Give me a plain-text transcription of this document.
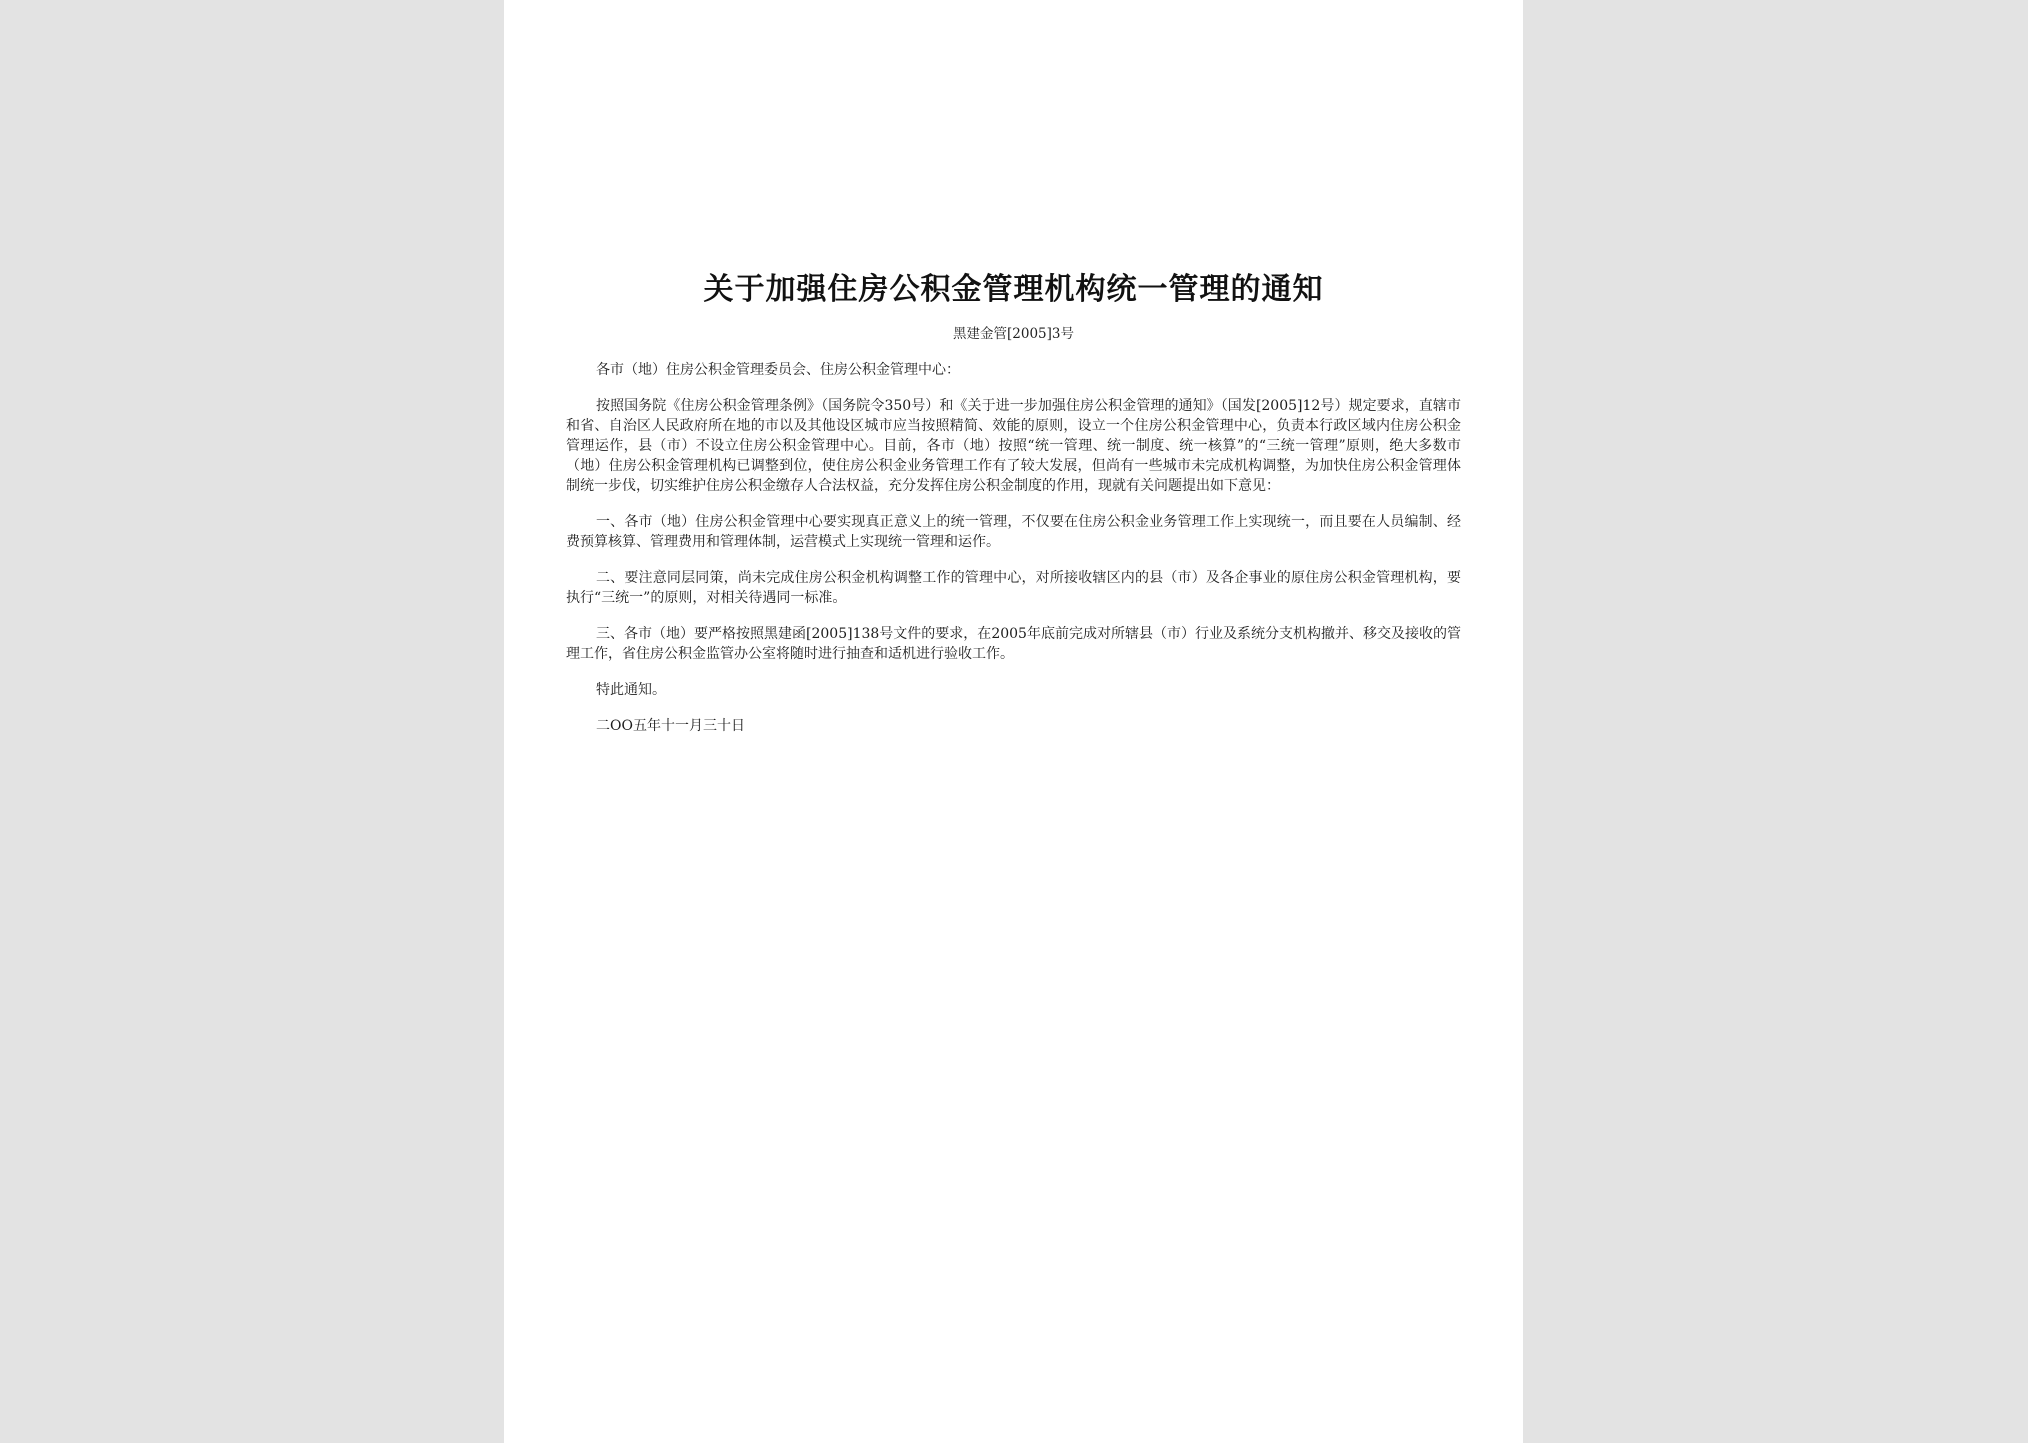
关于加强住房公积金管理机构统一管理的通知
黑建金管[2005]3号

各市（地）住房公积金管理委员会、住房公积金管理中心：

按照国务院《住房公积金管理条例》（国务院令350号）和《关于进一步加强住房公积金管理的通知》（国发[2005]12号）规定要求，直辖市和省、自治区人民政府所在地的市以及其他设区城市应当按照精简、效能的原则，设立一个住房公积金管理中心，负责本行政区域内住房公积金管理运作，县（市）不设立住房公积金管理中心。目前，各市（地）按照“统一管理、统一制度、统一核算”的“三统一管理”原则，绝大多数市（地）住房公积金管理机构已调整到位，使住房公积金业务管理工作有了较大发展，但尚有一些城市未完成机构调整，为加快住房公积金管理体制统一步伐，切实维护住房公积金缴存人合法权益，充分发挥住房公积金制度的作用，现就有关问题提出如下意见：

一、各市（地）住房公积金管理中心要实现真正意义上的统一管理，不仅要在住房公积金业务管理工作上实现统一，而且要在人员编制、经费预算核算、管理费用和管理体制，运营模式上实现统一管理和运作。

二、要注意同层同策，尚未完成住房公积金机构调整工作的管理中心，对所接收辖区内的县（市）及各企事业的原住房公积金管理机构，要执行“三统一”的原则，对相关待遇同一标准。

三、各市（地）要严格按照黑建函[2005]138号文件的要求，在2005年底前完成对所辖县（市）行业及系统分支机构撤并、移交及接收的管理工作，省住房公积金监管办公室将随时进行抽查和适机进行验收工作。

特此通知。

二OO五年十一月三十日
